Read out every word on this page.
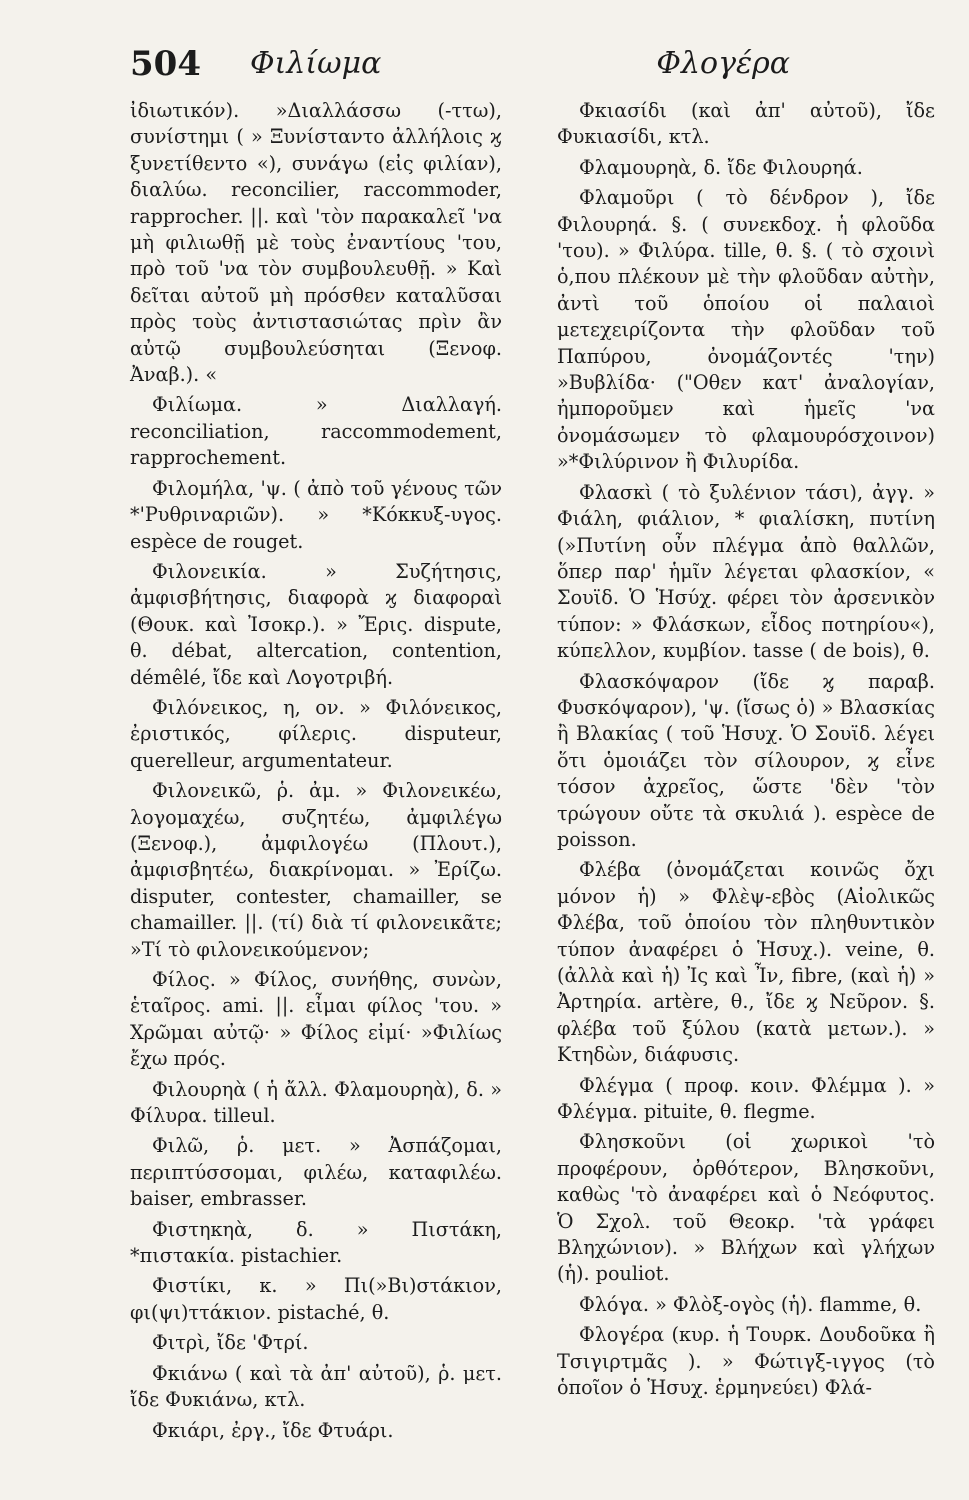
504 Φιλίωμα	Φλογέρα

ἰδιωτικόν). »Διαλλάσσω (-ττω), συνίστημι ( » Ξυνίσταντο ἀλλήλοις ϗ ξυνετίθεντο «), συνάγω (εἰς φιλίαν), διαλύω. reconcilier, raccommoder, rapprocher. ||. καὶ 'τὸν παρακαλεῖ 'να μὴ φιλιωθῇ μὲ τοὺς ἐναντίους 'του, πρὸ τοῦ 'να τὸν συμβουλευθῇ. » Καὶ δεῖται αὐτοῦ μὴ πρόσθεν καταλῦσαι πρὸς τοὺς ἀντιστασιώτας πρὶν ἂν αὐτῷ συμβουλεύσηται (Ξενοφ. Ἀναβ.). «

Φιλίωμα. » Διαλλαγή. reconciliation, raccommodement, rapprochement.

Φιλομήλα, 'ψ. ( ἀπὸ τοῦ γένους τῶν *'Ρυθριναριῶν). » *Κόκκυξ-υγος. espèce de rouget.

Φιλονεικία. » Συζήτησις, ἀμφισβήτησις, διαφορὰ ϗ διαφοραὶ (Θουκ. καὶ Ἰσοκρ.). » Ἔρις. dispute, θ. débat, altercation, contention, démêlé, ἴδε καὶ Λογοτριβή.

Φιλόνεικος, η, ον. » Φιλόνεικος, ἐριστικός, φίλερις. disputeur, querelleur, argumentateur.

Φιλονεικῶ, ῥ. ἀμ. » Φιλονεικέω, λογομαχέω, συζητέω, ἀμφιλέγω (Ξενοφ.), ἀμφιλογέω (Πλουτ.), ἀμφισβητέω, διακρίνομαι. » Ἐρίζω. disputer, contester, chamailler, se chamailler. ||. (τί) διὰ τί φιλονεικᾶτε; »Τί τὸ φιλονεικούμενον;

Φίλος. » Φίλος, συνήθης, συνὼν, ἑταῖρος. ami. ||. εἶμαι φίλος 'του. » Χρῶμαι αὐτῷ· » Φίλος εἰμί· »Φιλίως ἔχω πρός.

Φιλουρηὰ ( ἡ ἄλλ. Φλαμουρηὰ), δ. » Φίλυρα. tilleul.

Φιλῶ, ῥ. μετ. » Ἀσπάζομαι, περιπτύσσομαι, φιλέω, καταφιλέω. baiser, embrasser.

Φιστηκηὰ, δ. » Πιστάκη, *πιστακία. pistachier.

Φιστίκι, κ. » Πι(»Βι)στάκιον, φι(ψι)ττάκιον. pistaché, θ.

Φιτρὶ, ἴδε 'Φτρί.

Φκιάνω ( καὶ τὰ ἀπ' αὐτοῦ), ῥ. μετ. ἴδε Φυκιάνω, κτλ.

Φκιάρι, ἐργ., ἴδε Φτυάρι.

Φκιασίδι (καὶ ἀπ' αὐτοῦ), ἴδε Φυκιασίδι, κτλ.

Φλαμουρηὰ, δ. ἴδε Φιλουρηά.

Φλαμοῦρι ( τὸ δένδρον ), ἴδε Φιλουρηά. §. ( συνεκδοχ. ἡ φλοῦδα 'του). » Φιλύρα. tille, θ. §. ( τὸ σχοινὶ ὁ,που πλέκουν μὲ τὴν φλοῦδαν αὐτὴν, ἀντὶ τοῦ ὁποίου οἱ παλαιοὶ μετεχειρίζοντα τὴν φλοῦδαν τοῦ Παπύρου, ὀνομάζοντές 'την) »Βυβλίδα· ("Οθεν κατ' ἀναλογίαν, ἠμποροῦμεν καὶ ἡμεῖς 'να ὀνομάσωμεν τὸ φλαμουρόσχοινον) »*Φιλύρινον ἢ Φιλυρίδα.

Φλασκὶ ( τὸ ξυλένιον τάσι), ἀγγ. » Φιάλη, φιάλιον, * φιαλίσκη, πυτίνη (»Πυτίνη οὖν πλέγμα ἀπὸ θαλλῶν, ὅπερ παρ' ἡμῖν λέγεται φλασκίον, « Σουϊδ. Ὁ Ἡσύχ. φέρει τὸν ἀρσενικὸν τύπον: » Φλάσκων, εἶδος ποτηρίου«), κύπελλον, κυμβίον. tasse ( de bois), θ.

Φλασκόψαρον (ἴδε ϗ παραβ. Φυσκόψαρον), 'ψ. (ἴσως ὁ) » Βλασκίας ἢ Βλακίας ( τοῦ Ἡσυχ. Ὁ Σουϊδ. λέγει ὅτι ὁμοιάζει τὸν σίλουρον, ϗ εἶνε τόσον ἀχρεῖος, ὥστε 'δὲν 'τὸν τρώγουν οὔτε τὰ σκυλιά ). espèce de poisson.

Φλέβα (ὀνομάζεται κοινῶς ὄχι μόνον ἡ) » Φλὲψ-εβὸς (Αἰολικῶς Φλέβα, τοῦ ὁποίου τὸν πληθυντικὸν τύπον ἀναφέρει ὁ Ἡσυχ.). veine, θ. (ἀλλὰ καὶ ἡ) Ἰς καὶ Ἶν, fibre, (καὶ ἡ) » Ἀρτηρία. artère, θ., ἴδε ϗ Νεῦρον. §. φλέβα τοῦ ξύλου (κατὰ μετων.). » Κτηδὼν, διάφυσις.

Φλέγμα ( προφ. κοιν. Φλέμμα ). » Φλέγμα. pituite, θ. flegme.

Φλησκοῦνι (οἱ χωρικοὶ 'τὸ προφέρουν, ὀρθότερον, Βλησκοῦνι, καθὼς 'τὸ ἀναφέρει καὶ ὁ Νεόφυτος. Ὁ Σχολ. τοῦ Θεοκρ. 'τὰ γράφει Βληχώνιον). » Βλήχων καὶ γλήχων (ἡ). pouliot.

Φλόγα. » Φλὸξ-ογὸς (ἡ). flamme, θ.

Φλογέρα (κυρ. ἡ Τουρκ. Δουδοῦκα ἢ Τσιγιρτμᾶς ). » Φώτιγξ-ιγγος (τὸ ὁποῖον ὁ Ἡσυχ. ἑρμηνεύει) Φλά-
